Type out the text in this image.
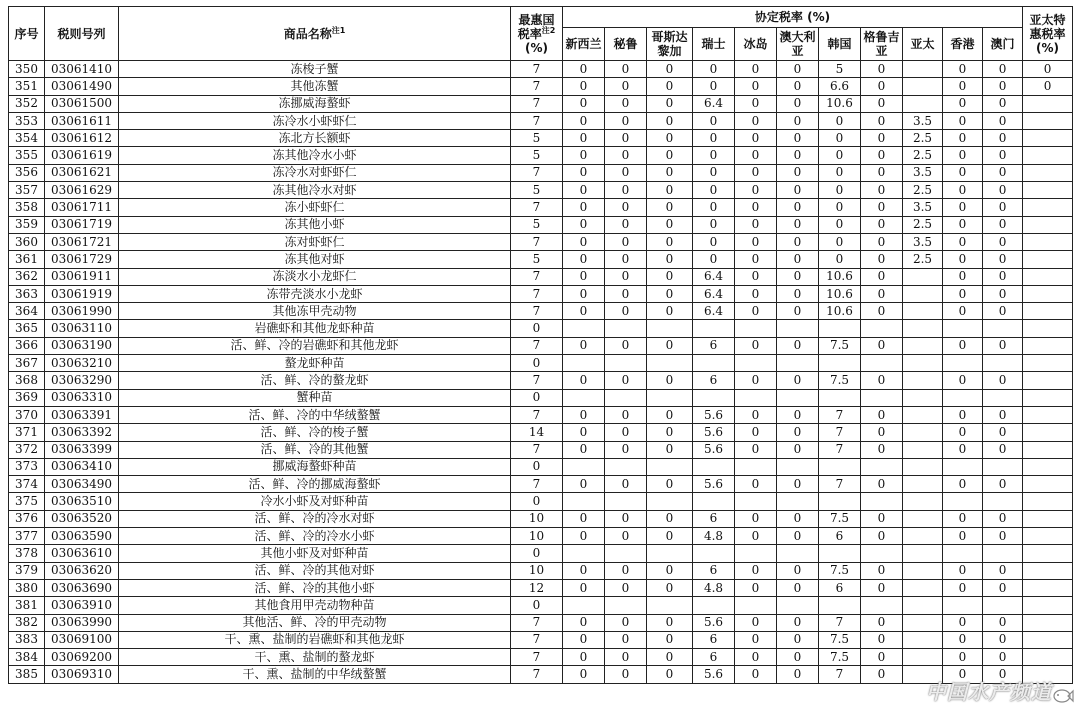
序号	税则号列	商品名称$^{注1}$	最惠国
税率$^{注2}$
(%)	协定税率 (%)											亚太特
惠税率
(%)
				新西兰	秘鲁	哥斯达黎加	瑞士	冰岛	澳大利亚	韩国	格鲁吉亚	亚太	香港	澳门	
350	03061410	冻梭子蟹	7	0	0	0	0	0	0	5	0		0	0	0
351	03061490	其他冻蟹	7	0	0	0	0	0	0	6.6	0		0	0	0
352	03061500	冻挪威海螯虾	7	0	0	0	6.4	0	0	10.6	0		0	0	
353	03061611	冻冷水小虾虾仁	7	0	0	0	0	0	0	0	0	3.5	0	0	
354	03061612	冻北方长额虾	5	0	0	0	0	0	0	0	0	2.5	0	0	
355	03061619	冻其他冷水小虾	5	0	0	0	0	0	0	0	0	2.5	0	0	
356	03061621	冻冷水对虾虾仁	7	0	0	0	0	0	0	0	0	3.5	0	0	
357	03061629	冻其他冷水对虾	5	0	0	0	0	0	0	0	0	2.5	0	0	
358	03061711	冻小虾虾仁	7	0	0	0	0	0	0	0	0	3.5	0	0	
359	03061719	冻其他小虾	5	0	0	0	0	0	0	0	0	2.5	0	0	
360	03061721	冻对虾虾仁	7	0	0	0	0	0	0	0	0	3.5	0	0	
361	03061729	冻其他对虾	5	0	0	0	0	0	0	0	0	2.5	0	0	
362	03061911	冻淡水小龙虾仁	7	0	0	0	6.4	0	0	10.6	0		0	0	
363	03061919	冻带壳淡水小龙虾	7	0	0	0	6.4	0	0	10.6	0		0	0	
364	03061990	其他冻甲壳动物	7	0	0	0	6.4	0	0	10.6	0		0	0	
365	03063110	岩礁虾和其他龙虾种苗	0												
366	03063190	活、鲜、冷的岩礁虾和其他龙虾	7	0	0	0	6	0	0	7.5	0		0	0	
367	03063210	螯龙虾种苗	0												
368	03063290	活、鲜、冷的螯龙虾	7	0	0	0	6	0	0	7.5	0		0	0	
369	03063310	蟹种苗	0												
370	03063391	活、鲜、冷的中华绒螯蟹	7	0	0	0	5.6	0	0	7	0		0	0	
371	03063392	活、鲜、冷的梭子蟹	14	0	0	0	5.6	0	0	7	0		0	0	
372	03063399	活、鲜、冷的其他蟹	7	0	0	0	5.6	0	0	7	0		0	0	
373	03063410	挪威海螯虾种苗	0												
374	03063490	活、鲜、冷的挪威海螯虾	7	0	0	0	5.6	0	0	7	0		0	0	
375	03063510	冷水小虾及对虾种苗	0												
376	03063520	活、鲜、冷的冷水对虾	10	0	0	0	6	0	0	7.5	0		0	0	
377	03063590	活、鲜、冷的冷水小虾	10	0	0	0	4.8	0	0	6	0		0	0	
378	03063610	其他小虾及对虾种苗	0												
379	03063620	活、鲜、冷的其他对虾	10	0	0	0	6	0	0	7.5	0		0	0	
380	03063690	活、鲜、冷的其他小虾	12	0	0	0	4.8	0	0	6	0		0	0	
381	03063910	其他食用甲壳动物种苗	0												
382	03063990	其他活、鲜、冷的甲壳动物	7	0	0	0	5.6	0	0	7	0		0	0	
383	03069100	干、熏、盐制的岩礁虾和其他龙虾	7	0	0	0	6	0	0	7.5	0		0	0	
384	03069200	干、熏、盐制的螯龙虾	7	0	0	0	6	0	0	7.5	0		0	0	
385	03069310	干、熏、盐制的中华绒螯蟹	7	0	0	0	5.6	0	0	7	0		0	0	
中国水产频道
